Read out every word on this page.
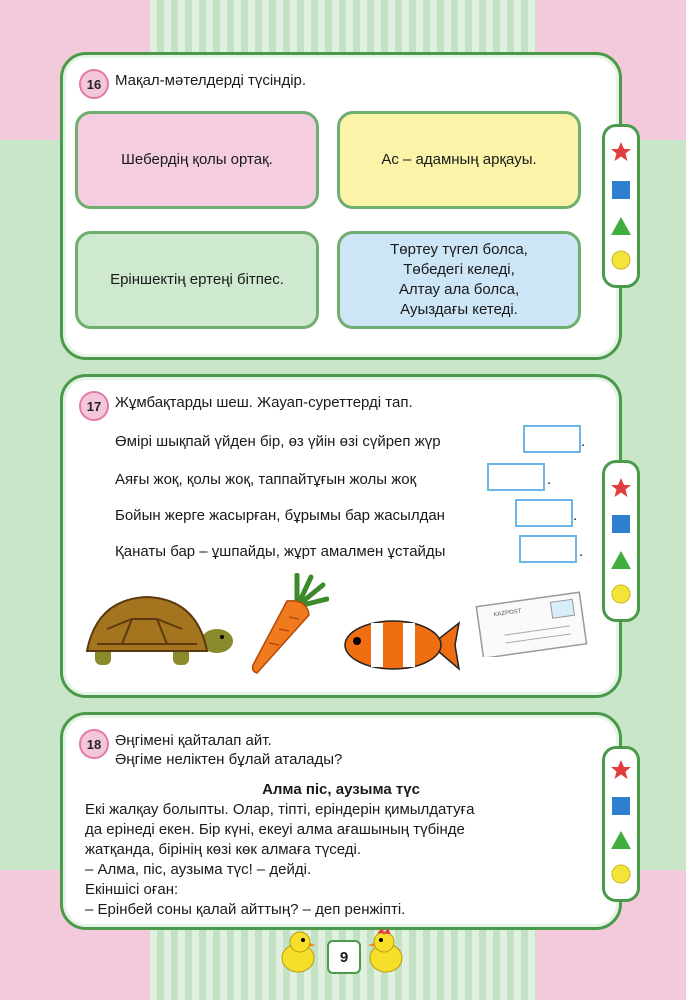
16 Мақал-мәтелдерді түсіндір.
Шебердің қолы ортақ.	Ас – адамның арқауы.
Еріншектің ертеңі бітпес.
Төртеу түгел болса,
Төбедегі келеді,
Алтау ала болса,
Ауыздағы кетеді.
17 Жұмбақтарды шеш. Жауап-суреттерді тап.
Өмірі шықпай үйден бір, өз үйін өзі сүйреп жүр	.
Аяғы жоқ, қолы жоқ, таппайтұғын жолы жоқ	.
Бойын жерге жасырған, бұрымы бар жасылдан	.
Қанаты бар – ұшпайды, жұрт амалмен ұстайды	.
KAZPOST
18 Әңгімені қайталап айт.
Әңгіме неліктен бұлай аталады?
Алма піс, аузыма түс
Екі жалқау болыпты. Олар, тіпті, ерiндерiн қимылдатуға
да ерiнедi екен. Бiр күнi, екеуі алма ағашының түбінде
жатқанда, бiрiнiң көзі көк алмаға түседі.
– Алма, піс, аузыма түс! – дейді.
Екiншiсi оған:
– Ерiнбей соны қалай айттың? – деп ренжiптi.
9
